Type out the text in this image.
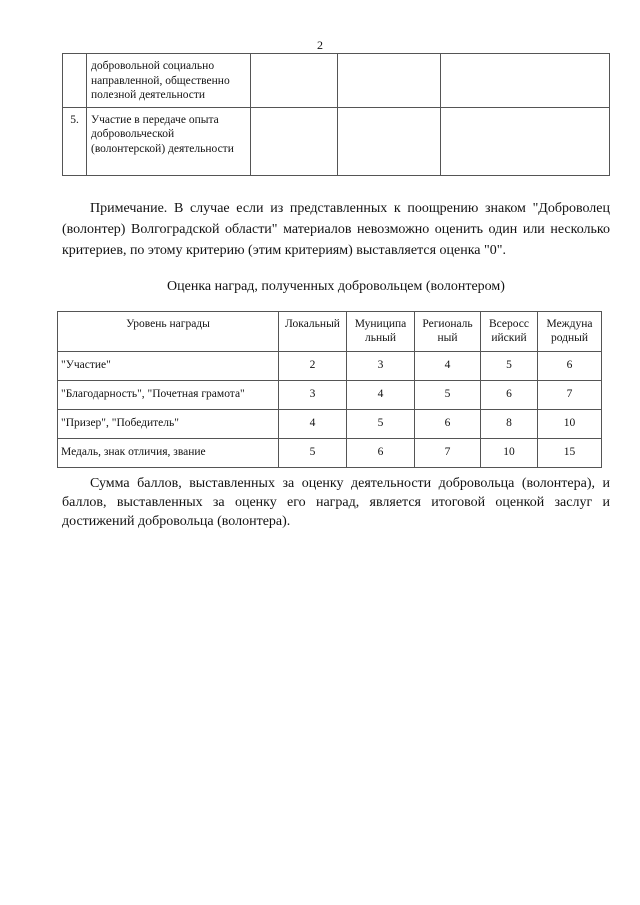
2
	добровольной социально направленной, общественно полезной деятельности			
5.	Участие в передаче опыта добровольческой (волонтерской) деятельности			

Примечание. В случае если из представленных к поощрению знаком "Доброволец (волонтер) Волгоградской области" материалов невозможно оценить один или несколько критериев, по этому критерию (этим критериям) выставляется оценка "0".

Оценка наград, полученных добровольцем (волонтером)
Уровень награды	Локальный	Муниципа льный	Региональ ный	Всеросс ийский	Междуна родный
"Участие"	2	3	4	5	6
"Благодарность", "Почетная грамота"	3	4	5	6	7
"Призер", "Победитель"	4	5	6	8	10
Медаль, знак отличия, звание	5	6	7	10	15

Сумма баллов, выставленных за оценку деятельности добровольца (волонтера), и баллов, выставленных за оценку его наград, является итоговой оценкой заслуг и достижений добровольца (волонтера).
